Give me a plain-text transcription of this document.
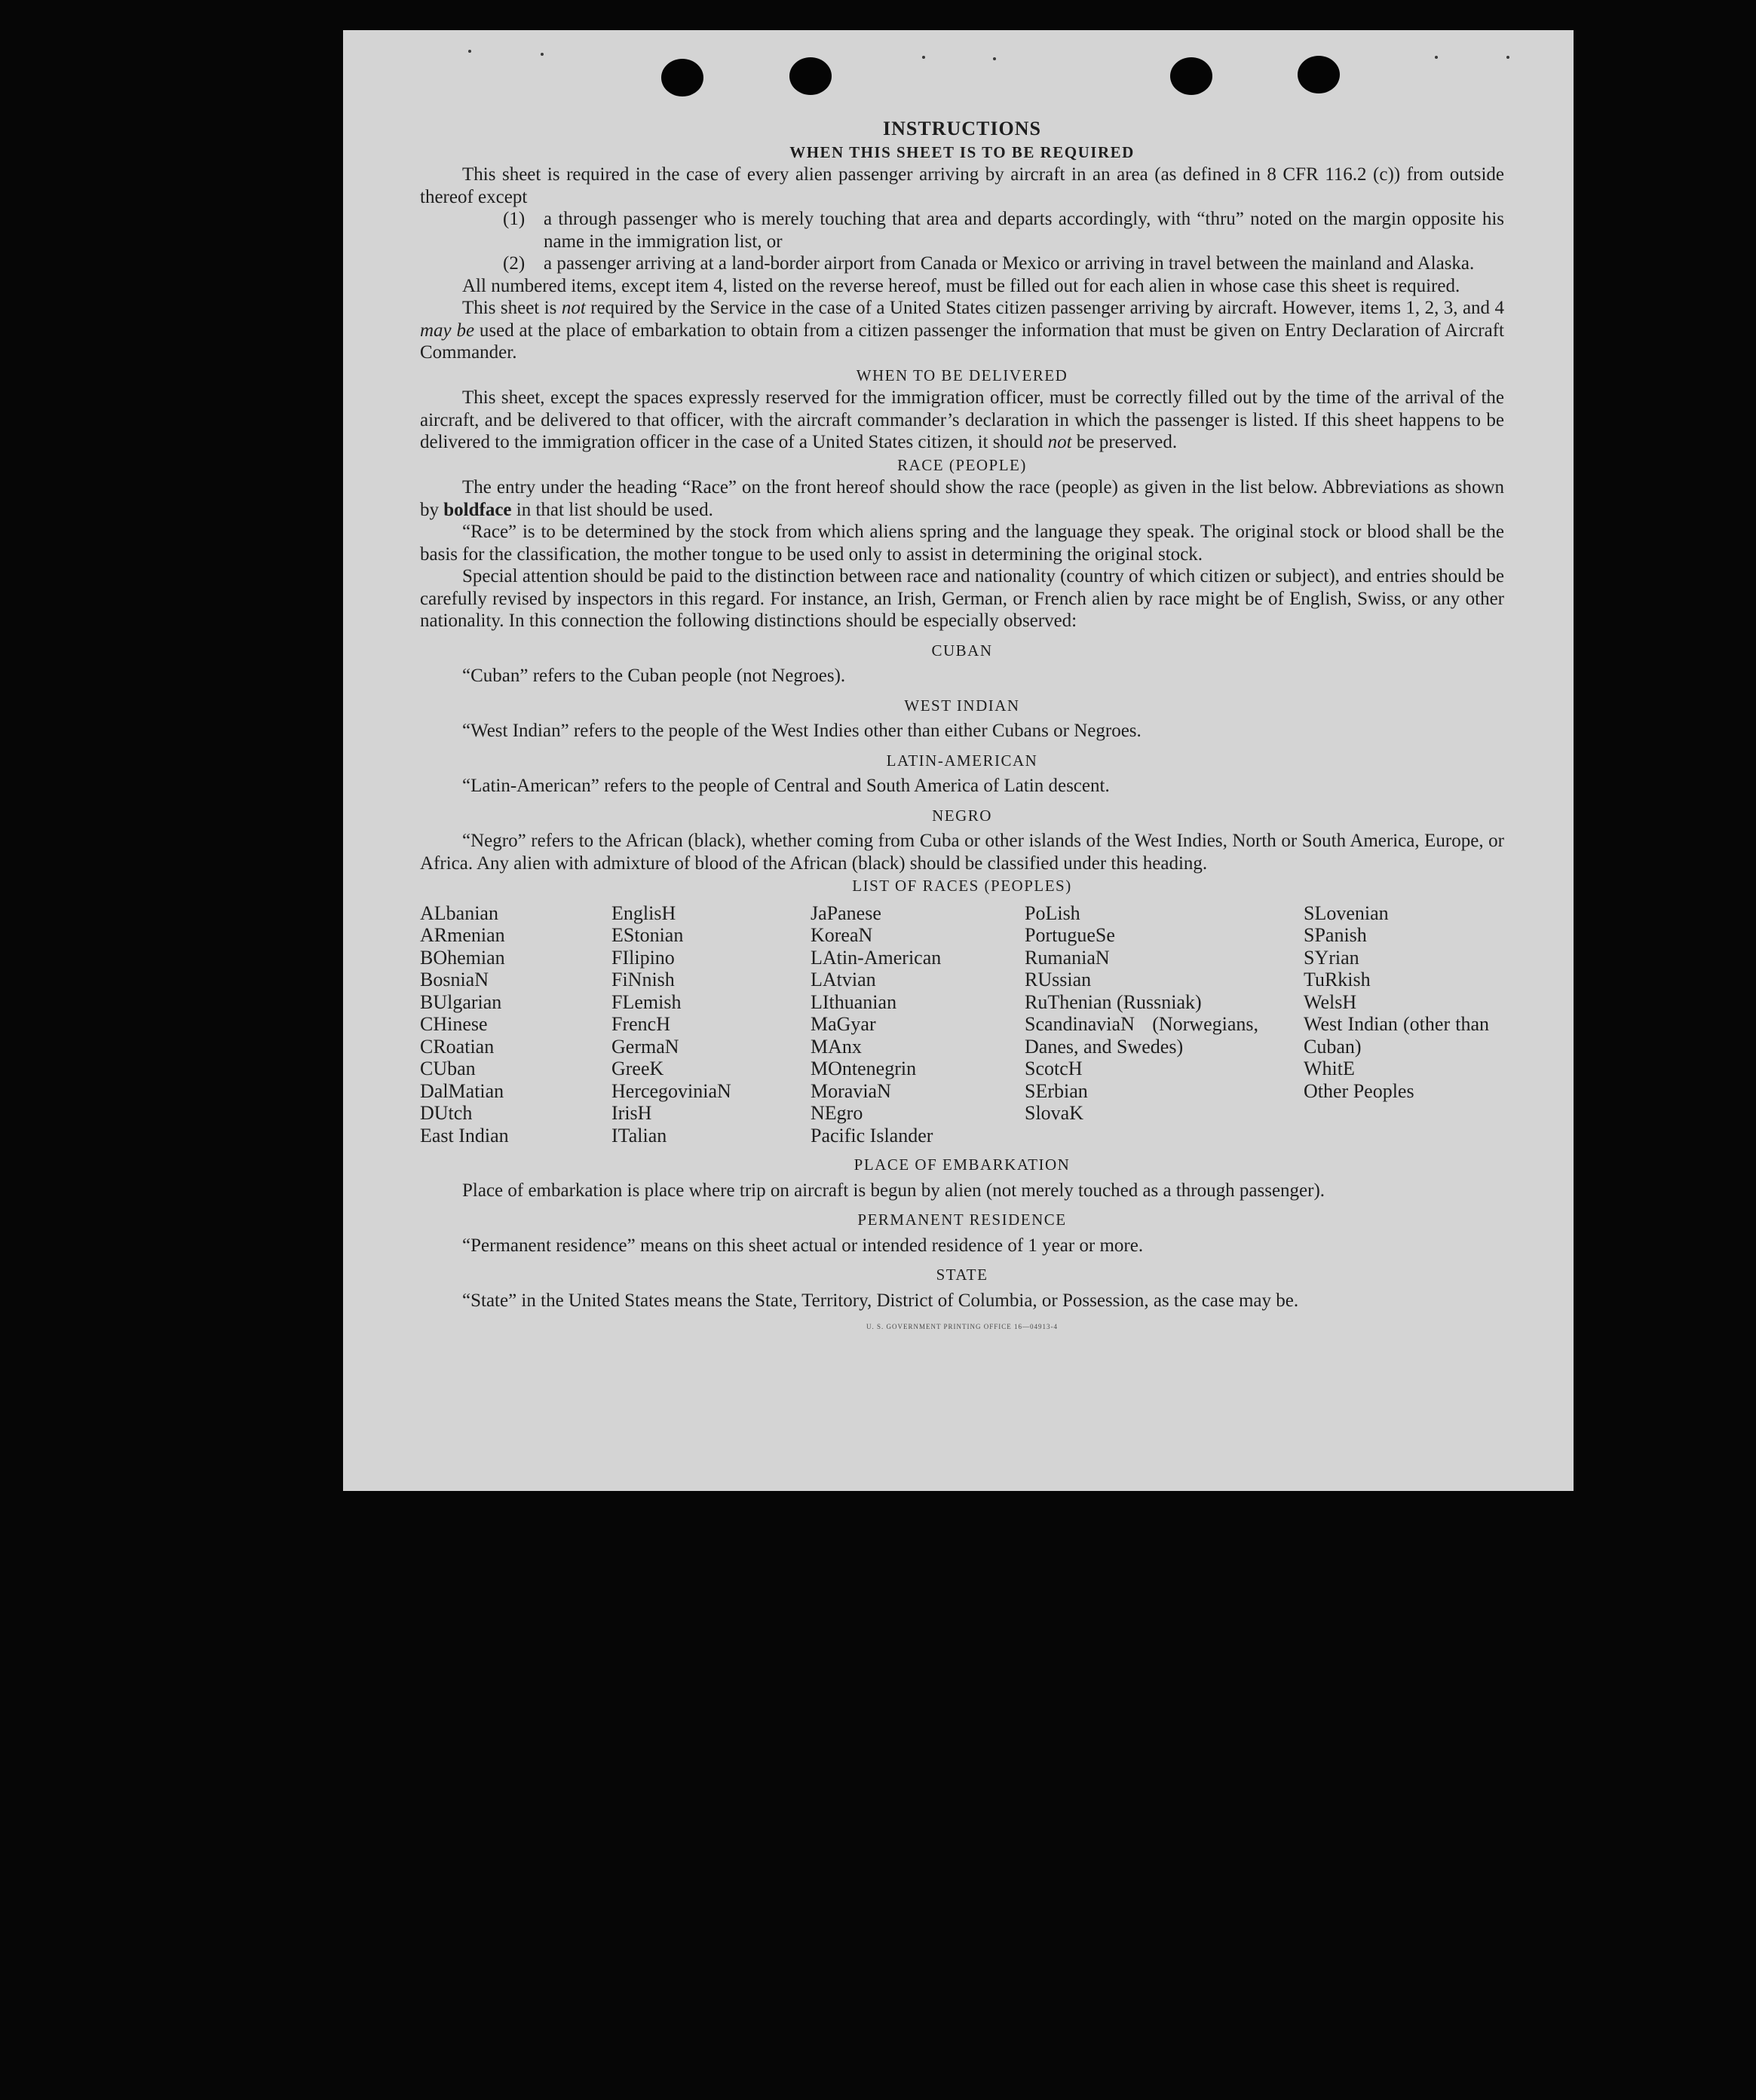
INSTRUCTIONS
WHEN THIS SHEET IS TO BE REQUIRED

This sheet is required in the case of every alien passenger arriving by aircraft in an area (as defined in 8 CFR 116.2 (c)) from outside thereof except

(1) a through passenger who is merely touching that area and departs accordingly, with “thru” noted on the margin opposite his name in the immigration list, or
(2) a passenger arriving at a land-border airport from Canada or Mexico or arriving in travel between the mainland and Alaska.

All numbered items, except item 4, listed on the reverse hereof, must be filled out for each alien in whose case this sheet is required.

This sheet is not required by the Service in the case of a United States citizen passenger arriving by aircraft. However, items 1, 2, 3, and 4 may be used at the place of embarkation to obtain from a citizen passenger the information that must be given on Entry Declaration of Aircraft Commander.

WHEN TO BE DELIVERED

This sheet, except the spaces expressly reserved for the immigration officer, must be correctly filled out by the time of the arrival of the aircraft, and be delivered to that officer, with the aircraft commander’s declaration in which the passenger is listed. If this sheet happens to be delivered to the immigration officer in the case of a United States citizen, it should not be preserved.

RACE (PEOPLE)

The entry under the heading “Race” on the front hereof should show the race (people) as given in the list below. Abbreviations as shown by boldface in that list should be used.

“Race” is to be determined by the stock from which aliens spring and the language they speak. The original stock or blood shall be the basis for the classification, the mother tongue to be used only to assist in determining the original stock.

Special attention should be paid to the distinction between race and nationality (country of which citizen or subject), and entries should be carefully revised by inspectors in this regard. For instance, an Irish, German, or French alien by race might be of English, Swiss, or any other nationality. In this connection the following distinctions should be especially observed:

CUBAN

“Cuban” refers to the Cuban people (not Negroes).

WEST INDIAN

“West Indian” refers to the people of the West Indies other than either Cubans or Negroes.

LATIN-AMERICAN

“Latin-American” refers to the people of Central and South America of Latin descent.

NEGRO

“Negro” refers to the African (black), whether coming from Cuba or other islands of the West Indies, North or South America, Europe, or Africa. Any alien with admixture of blood of the African (black) should be classified under this heading.

LIST OF RACES (PEOPLES)
ALbanian
ARmenian
BOhemian
BosniaN
BUlgarian
CHinese
CRoatian
CUban
DalMatian
DUtch
East Indian
EnglisH
EStonian
FIlipino
FiNnish
FLemish
FrencH
GermaN
GreeK
HercegoviniaN
IrisH
ITalian
JaPanese
KoreaN
LAtin-American
LAtvian
LIthuanian
MaGyar
MAnx
MOntenegrin
MoraviaN
NEgro
Pacific Islander
PoLish
PortugueSe
RumaniaN
RUssian
RuThenian (Russniak)
ScandinaviaN (Norwegians, Danes, and Swedes)
ScotcH
SErbian
SlovaK
SLovenian
SPanish
SYrian
TuRkish
WelsH
West Indian (other than Cuban)
WhitE
Other Peoples
PLACE OF EMBARKATION

Place of embarkation is place where trip on aircraft is begun by alien (not merely touched as a through passenger).

PERMANENT RESIDENCE

“Permanent residence” means on this sheet actual or intended residence of 1 year or more.

STATE

“State” in the United States means the State, Territory, District of Columbia, or Possession, as the case may be.

U. S. GOVERNMENT PRINTING OFFICE 16—04913-4
